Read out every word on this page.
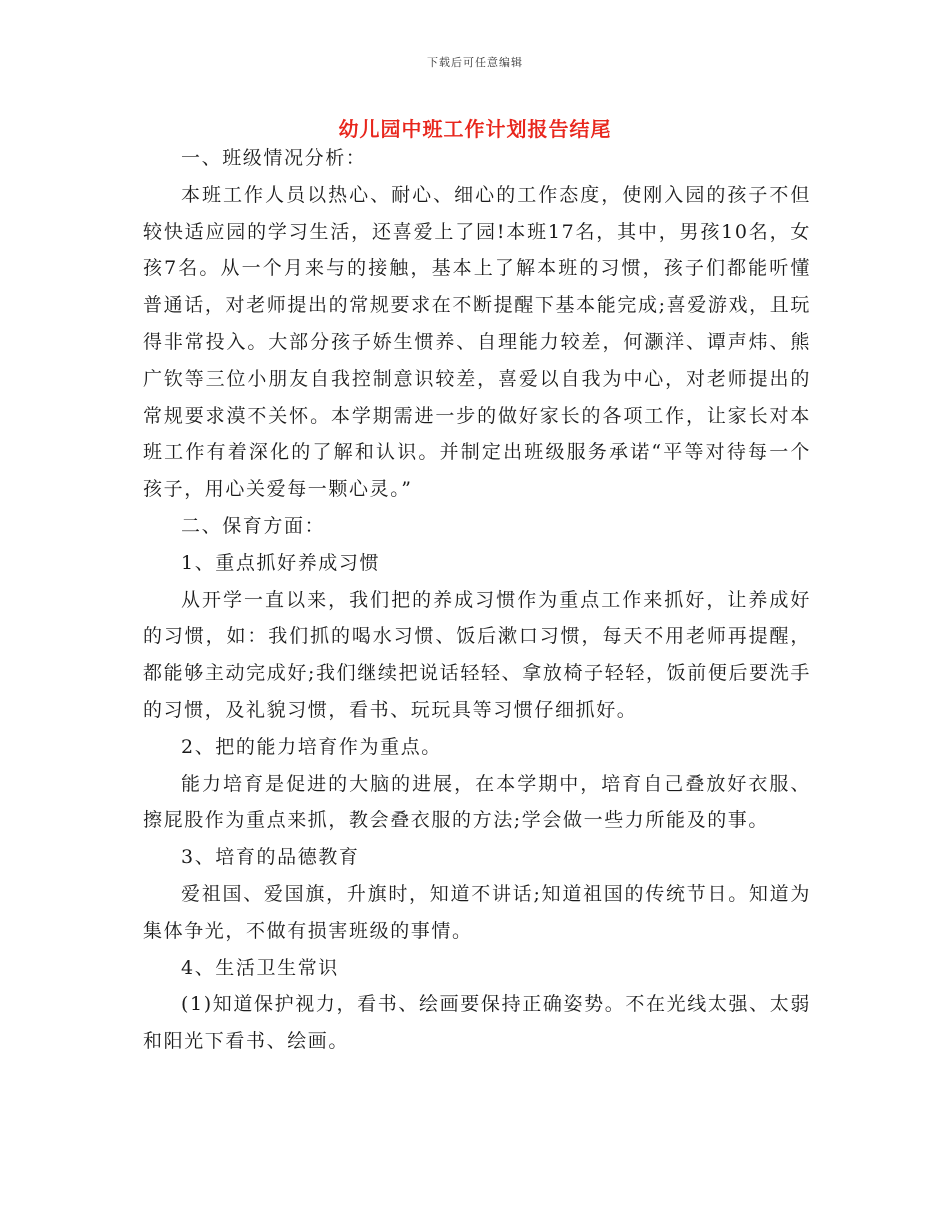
下载后可任意编辑
幼儿园中班工作计划报告结尾

一、班级情况分析：

本班工作人员以热心、耐心、细心的工作态度，使刚入园的孩子不但较快适应园的学习生活，还喜爱上了园!本班17名，其中，男孩10名，女孩7名。从一个月来与的接触，基本上了解本班的习惯，孩子们都能听懂普通话，对老师提出的常规要求在不断提醒下基本能完成;喜爱游戏，且玩得非常投入。大部分孩子娇生惯养、自理能力较差，何灏洋、谭声炜、熊广钦等三位小朋友自我控制意识较差，喜爱以自我为中心，对老师提出的常规要求漠不关怀。本学期需进一步的做好家长的各项工作，让家长对本班工作有着深化的了解和认识。并制定出班级服务承诺“平等对待每一个孩子，用心关爱每一颗心灵。”

二、保育方面：

1、重点抓好养成习惯

从开学一直以来，我们把的养成习惯作为重点工作来抓好，让养成好的习惯，如：我们抓的喝水习惯、饭后漱口习惯，每天不用老师再提醒，都能够主动完成好;我们继续把说话轻轻、拿放椅子轻轻，饭前便后要洗手的习惯，及礼貌习惯，看书、玩玩具等习惯仔细抓好。

2、把的能力培育作为重点。

能力培育是促进的大脑的进展，在本学期中，培育自己叠放好衣服、擦屁股作为重点来抓，教会叠衣服的方法;学会做一些力所能及的事。

3、培育的品德教育

爱祖国、爱国旗，升旗时，知道不讲话;知道祖国的传统节日。知道为集体争光，不做有损害班级的事情。

4、生活卫生常识

(1)知道保护视力，看书、绘画要保持正确姿势。不在光线太强、太弱和阳光下看书、绘画。
